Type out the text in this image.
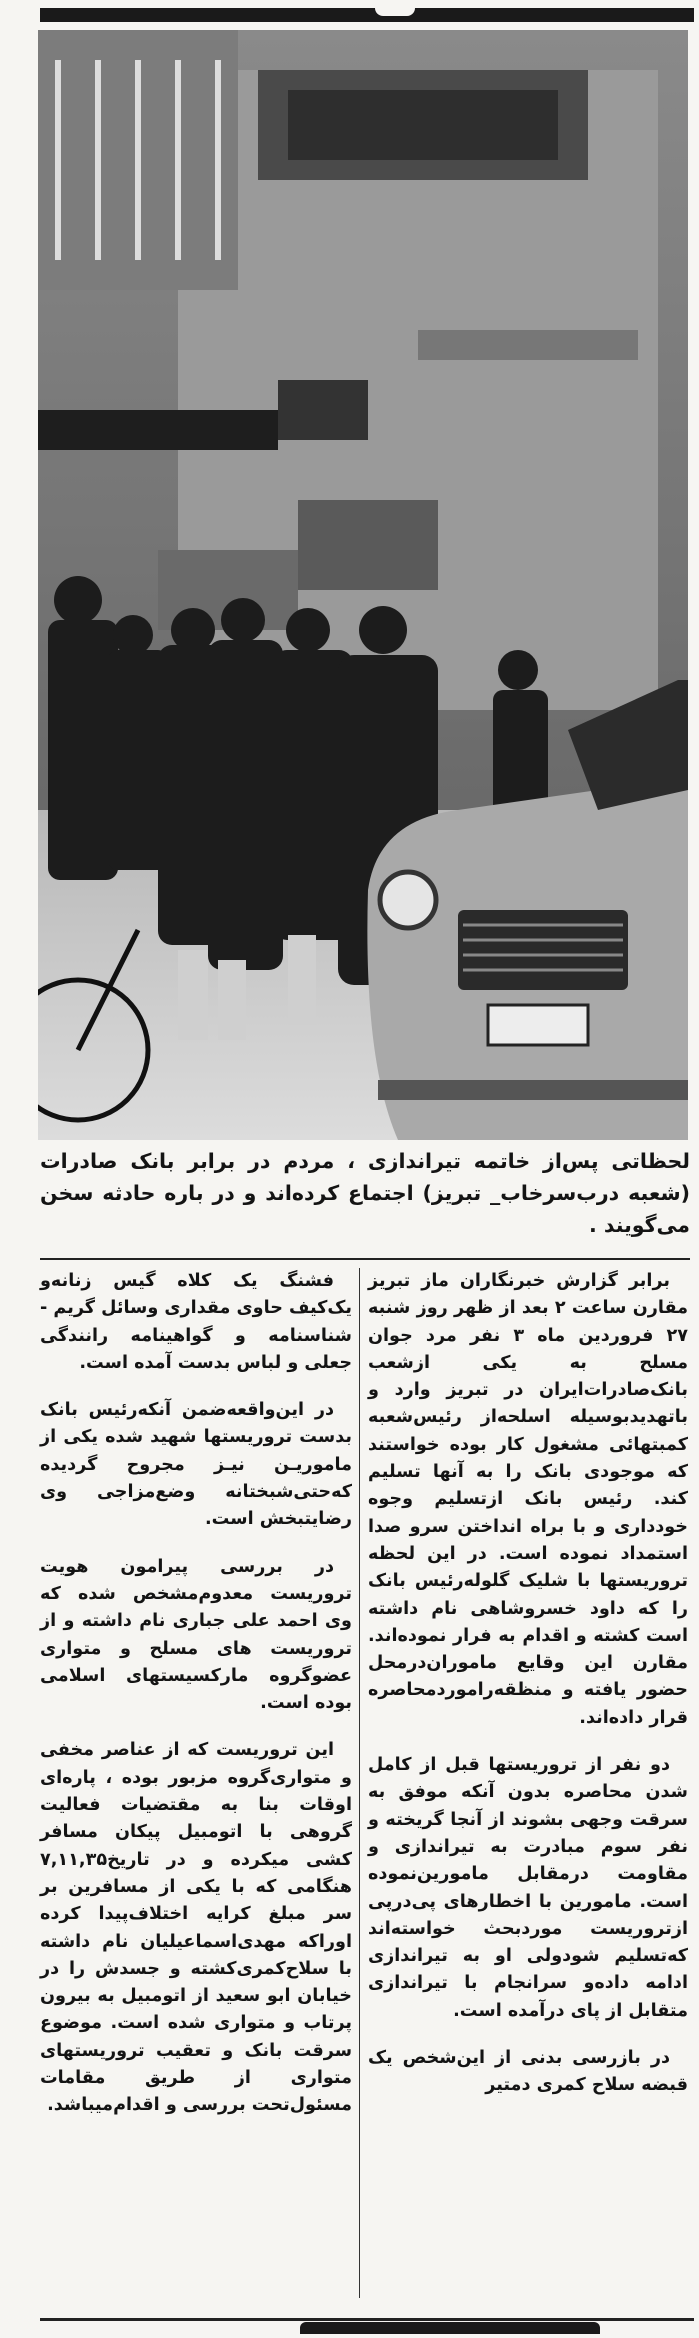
لحظاتی پس‌از خاتمه تیراندازی ، مردم در برابر بانک صادرات (شعبه درب‌سرخاب_ تبریز) اجتماع کرده‌اند و در باره حادثه سخن می‌گویند .

برابر گزارش خبرنگاران ماز تبریز مقارن ساعت ۲ بعد از ظهر روز شنبه ۲۷ فروردین ماه ۳ نفر مرد جوان مسلح به یکی ازشعب بانک‌صادرات‌ایران در تبریز وارد و باتهدیدبوسیله اسلحه‌از رئیس‌شعبه کمبتهائی مشغول کار بوده خواستند که موجودی بانک را به آنها تسلیم کند. رئیس بانک ازتسلیم وجوه خودداری و با براه انداختن سرو صدا استمداد نموده است. در این لحظه تروریستها با شلیک گلولەرئیس بانک را که داود خسروشاهی نام داشته است کشته و اقدام به فرار نموده‌اند. مقارن این وقایع ماموران‌درمحل حضور یافته و منظقه‌راموردمحاصره قرار داده‌اند.

دو نفر از تروریستها قبل از کامل شدن محاصره بدون آنکه موفق به سرقت وجهی بشوند از آنجا گریخته و نفر سوم مبادرت به تیراندازی و مقاومت درمقابل مامورین‌نموده است. مامورین با اخطارهای پی‌درپی ازتروریست موردبحث خواستەاند کەتسلیم شودولی او به تیراندازی ادامه دادەو سرانجام با تیراندازی متقابل از پای درآمده است.

در بازرسی بدنی از این‌شخص یک قبضه سلاح کمری دمتیر

فشنگ یک کلاه گیس زنانەو یک‌کیف حاوی مقداری وسائل گریم - شناسنامه و گواهینامه رانندگی جعلی و لباس بدست آمده است.

در این‌واقعه‌ضمن آنکەرئیس بانک بدست تروریستها شهید شده یکی از ماموریـن نیـز مجروح گردیده کەحتی‌شبختانه وضع‌مزاجی وی رضایتبخش است.

در بررسی پیرامون هویت تروریست معدوم‌مشخص شده که وی احمد علی جباری نام داشته و از تروریست های مسلح و متواری عضوگروه مارکسیستهای اسلامی بوده است.

این تروریست که از عناصر مخفی و متواری‌گروه مزبور بوده ، پاره‌ای اوقات بنا به مقتضیات فعالیت گروهی با اتومبیل پیکان مسافر کشی میکرده و در تاریخ۷,۱۱,۳۵ هنگامی که با یکی از مسافرین بر سر مبلغ کرایه اختلاف‌پیدا کرده اوراکه مهدی‌اسماعیلیان نام داشته با سلاح‌کمری‌کشته و جسدش را در خیابان ابو سعید از اتومبیل به بیرون پرتاب و متواری شده است. موضوع سرقت بانک و تعقیب تروریستهای متواری از طریق مقامات مسئول‌تحت بررسی و اقدام‌میباشد.
